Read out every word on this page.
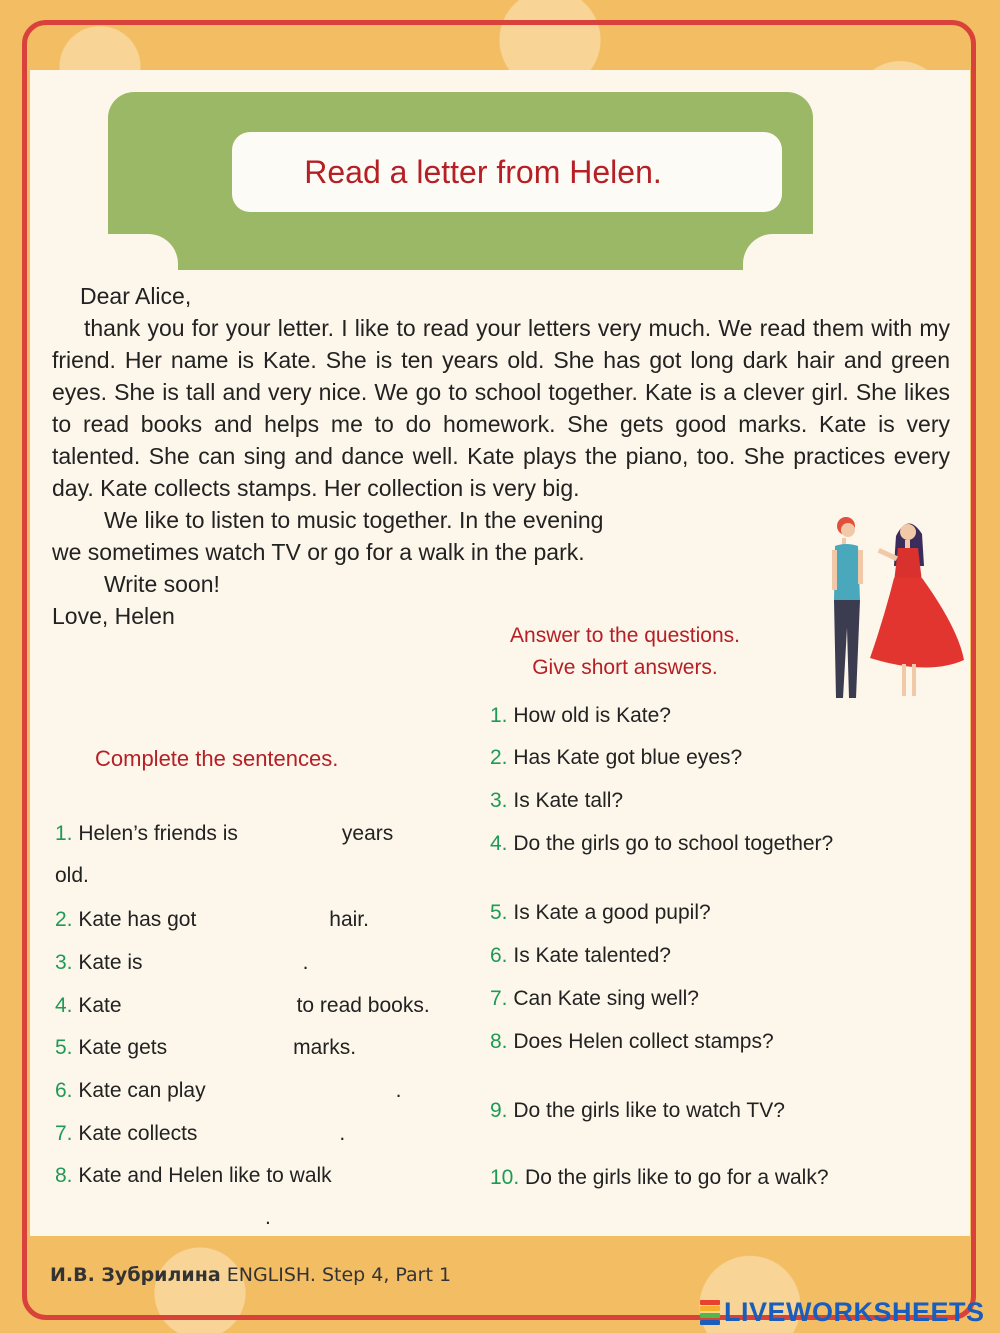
Read a letter from Helen.

Dear Alice,

thank you for your letter. I like to read your letters very much. We read them with my friend. Her name is Kate. She is ten years old. She has got long dark hair and green eyes. She is tall and very nice. We go to school together. Kate is a clever girl. She likes to read books and helps me to do homework. She gets good marks. Kate is very talented. She can sing and dance well. Kate plays the piano, too. She practices every day. Kate collects stamps. Her collection is very big.

We like to listen to music together. In the evening

we sometimes watch TV or go for a walk in the park.

Write soon!

Love, Helen

Answer to the questions.
Give short answers.
1. How old is Kate?
2. Has Kate got blue eyes?
3. Is Kate tall?
4. Do the girls go to school together?
5. Is Kate a good pupil?
6. Is Kate talented?
7. Can Kate sing well?
8. Does Helen collect stamps?
9. Do the girls like to watch TV?
10. Do the girls like to go for a walk?
Complete the sentences.
1. Helen’s friends is	years
old.
2. Kate has got	hair.
3. Kate is	.
4. Kate	to read books.
5. Kate gets	marks.
6. Kate can play	.
7. Kate collects	.
8. Kate and Helen like to walk
.
И.В. Зубрилина ENGLISH. Step 4, Part 1
LIVEWORKSHEETS
